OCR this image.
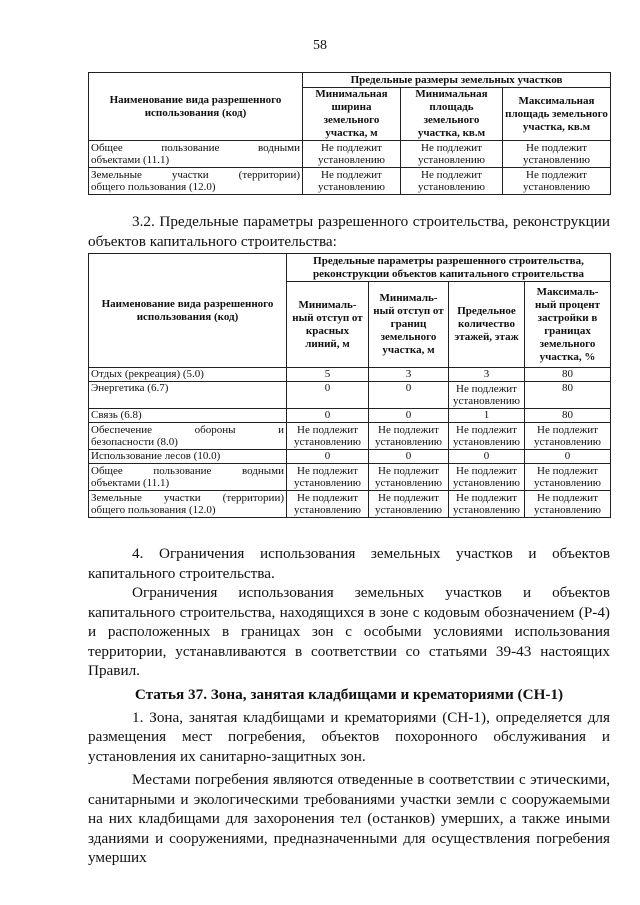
58
Наименование вида разрешенного использования (код)	Предельные размеры земельных участков		
	Минимальная ширина земельного участка, м	Минимальная площадь земельного участка, кв.м	Максимальная площадь земельного участка, кв.м
Общее пользование водными
объектами (11.1)	Не подлежит установлению	Не подлежит установлению	Не подлежит установлению
Земельные участки (территории)
общего пользования (12.0)	Не подлежит установлению	Не подлежит установлению	Не подлежит установлению

3.2. Предельные параметры разрешенного строительства, реконструкции объектов капитального строительства:

Наименование вида разрешенного использования (код)	Предельные параметры разрешенного строительства, реконструкции объектов капитального строительства			
	Минималь-ный отступ от красных линий, м	Минималь-ный отступ от границ земельного участка, м	Предельное количество этажей, этаж	Максималь-ный процент застройки в границах земельного участка, %
Отдых (рекреация) (5.0)	5	3	3	80
Энергетика (6.7)	0	0	Не подлежит установлению	80
Связь (6.8)	0	0	1	80
Обеспечение обороны и
безопасности (8.0)	Не подлежит установлению	Не подлежит установлению	Не подлежит установлению	Не подлежит установлению
Использование лесов (10.0)	0	0	0	0
Общее пользование водными
объектами (11.1)	Не подлежит установлению	Не подлежит установлению	Не подлежит установлению	Не подлежит установлению
Земельные участки (территории)
общего пользования (12.0)	Не подлежит установлению	Не подлежит установлению	Не подлежит установлению	Не подлежит установлению

4. Ограничения использования земельных участков и объектов капитального строительства.

Ограничения использования земельных участков и объектов капитального строительства, находящихся в зоне с кодовым обозначением (Р-4) и расположенных в границах зон с особыми условиями использования территории, устанавливаются в соответствии со статьями 39-43 настоящих Правил.

Статья 37. Зона, занятая кладбищами и крематориями (СН-1)

1. Зона, занятая кладбищами и крематориями (СН-1), определяется для размещения мест погребения, объектов похоронного обслуживания и установления их санитарно-защитных зон.

Местами погребения являются отведенные в соответствии с этическими, санитарными и экологическими требованиями участки земли с сооружаемыми на них кладбищами для захоронения тел (останков) умерших, а также иными зданиями и сооружениями, предназначенными для осуществления погребения умерших
